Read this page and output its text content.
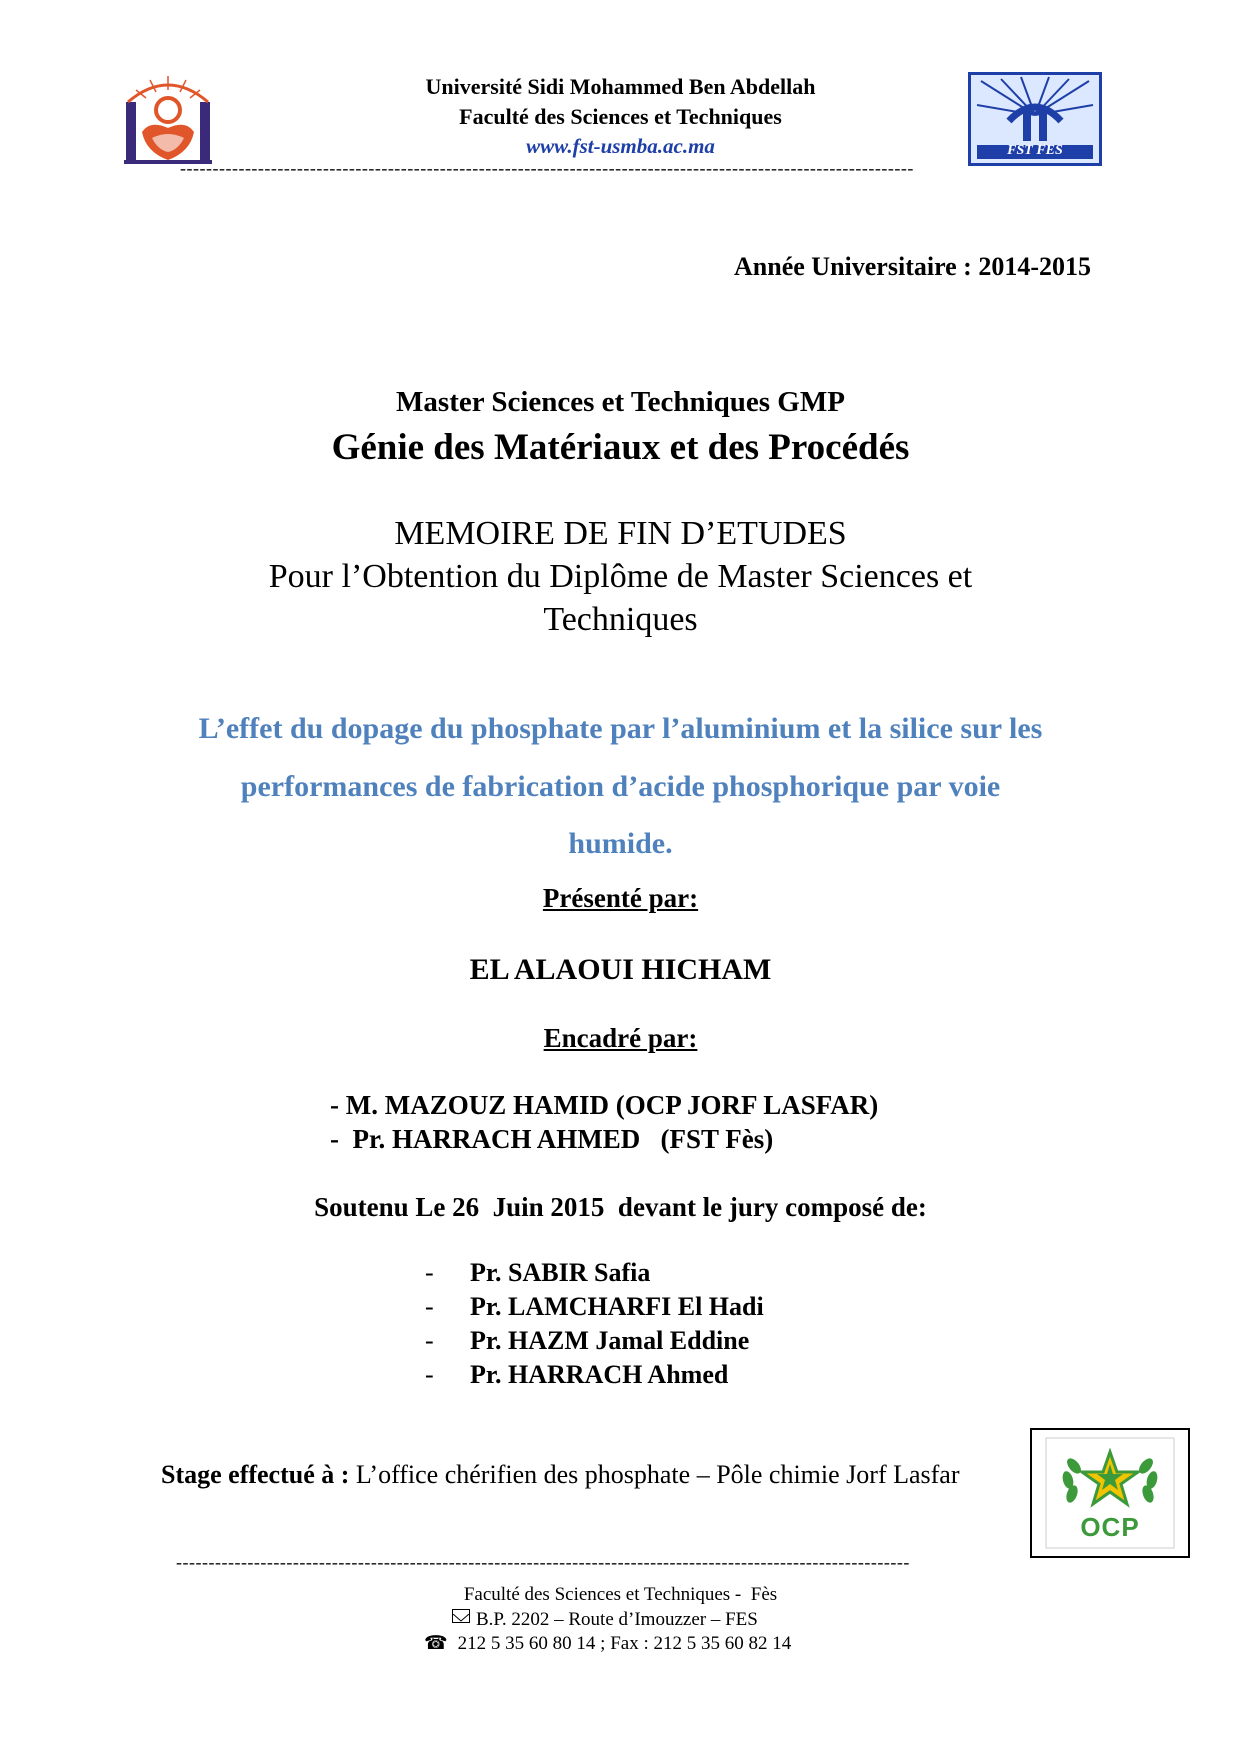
Université Sidi Mohammed Ben Abdellah
Faculté des Sciences et Techniques
www.fst-usmba.ac.ma	FST FES
-----------------------------------------------------------------------------------------------------------------
Année Universitaire : 2014-2015
Master Sciences et Techniques GMP
Génie des Matériaux et des Procédés
MEMOIRE DE FIN D’ETUDES
Pour l’Obtention du Diplôme de Master Sciences et
Techniques
L’effet du dopage du phosphate par l’aluminium et la silice sur les
performances de fabrication d’acide phosphorique par voie
humide.
Présenté par:
EL ALAOUI HICHAM
Encadré par:
- M. MAZOUZ HAMID (OCP JORF LASFAR)
-  Pr. HARRACH AHMED   (FST Fès)
Soutenu Le 26  Juin 2015  devant le jury composé de:
- Pr. SABIR Safia
- Pr. LAMCHARFI El Hadi
- Pr. HAZM Jamal Eddine
- Pr. HARRACH Ahmed

Stage effectué à : L’office chérifien des phosphate – Pôle chimie Jorf Lasfar

OCP
-----------------------------------------------------------------------------------------------------------------
Faculté des Sciences et Techniques -  Fès
B.P. 2202 – Route d’Imouzzer – FES
☎ 212 5 35 60 80 14 ; Fax : 212 5 35 60 82 14
